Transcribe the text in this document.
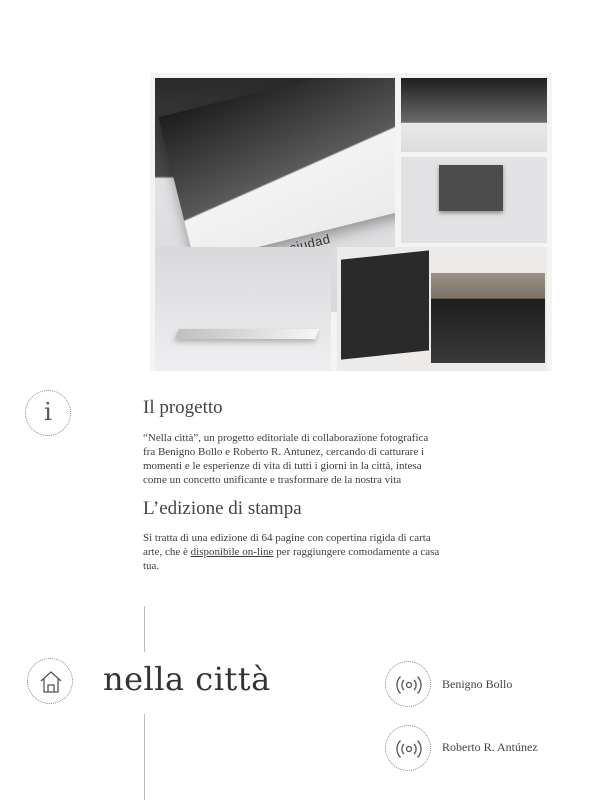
i	Il progetto

“Nella città”, un progetto editoriale di collaborazione fotografica fra Benigno Bollo e Roberto R. Antunez, cercando di catturare i momenti e le esperienze di vita di tutti i giorni in la città, intesa come un concetto unificante e trasformare de la nostra vita

L’edizione di stampa

Si tratta di una edizione di 64 pagine con copertina rigida di carta arte, che è disponibile on-line per raggiungere comodamente a casa tua.

nella città	Benigno Bollo
Roberto R. Antúnez
